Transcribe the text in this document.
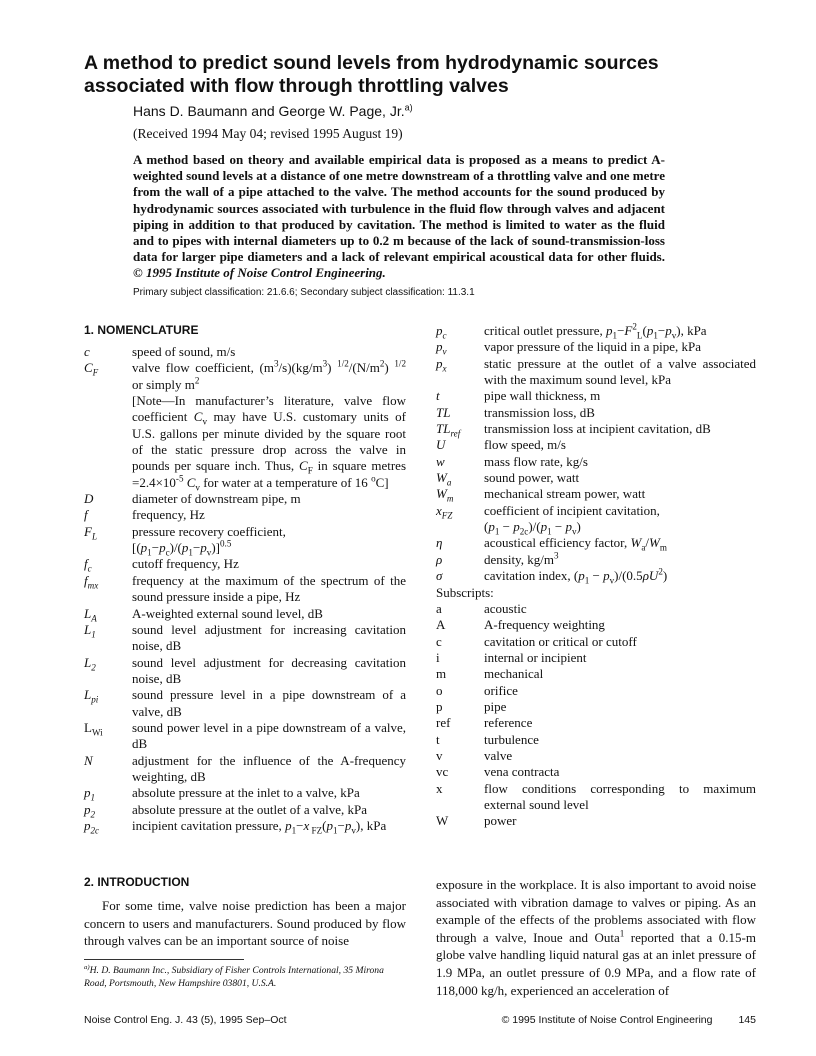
A method to predict sound levels from hydrodynamic sources associated with flow through throttling valves
Hans D. Baumann and George W. Page, Jr.$^{a)}$
(Received 1994 May 04; revised 1995 August 19)

A method based on theory and available empirical data is proposed as a means to predict A-weighted sound levels at a distance of one metre downstream of a throttling valve and one metre from the wall of a pipe attached to the valve. The method accounts for the sound produced by hydrodynamic sources associated with turbulence in the fluid flow through valves and adjacent piping in addition to that produced by cavitation. The method is limited to water as the fluid and to pipes with internal diameters up to 0.2 m because of the lack of sound-transmission-loss data for larger pipe diameters and a lack of relevant empirical acoustical data for other fluids. © 1995 Institute of Noise Control Engineering.

Primary subject classification: 21.6.6; Secondary subject classification: 11.3.1
1. NOMENCLATURE
c	speed of sound, m/s
$C_F$	valve flow coefficient, $(m^3/s)(kg/m^3)$ $^{1/2}/(N/m^2)$ $^{1/2}$ or simply $m^2$
[Note—In manufacturer’s literature, valve flow coefficient $C_v$ may have U.S. customary units of U.S. gallons per minute divided by the square root of the static pressure drop across the valve in pounds per square inch. Thus, $C_F$ in square metres $=2.4\times 10^{-5}$ $C_v$ for water at a temperature of 16 $^o$C]
D	diameter of downstream pipe, m
f	frequency, Hz
$F_L$	pressure recovery coefficient,
$[(p_1-p_c)/(p_1-p_v)]^{0.5}$
$f_c$	cutoff frequency, Hz
$f_{mx}$	frequency at the maximum of the spectrum of the sound pressure inside a pipe, Hz
$L_A$	A-weighted external sound level, dB
$L_1$	sound level adjustment for increasing cavitation noise, dB
$L_2$	sound level adjustment for decreasing cavitation noise, dB
$L_{pi}$	sound pressure level in a pipe downstream of a valve, dB
$L_{Wi}$	sound power level in a pipe downstream of a valve, dB
N	adjustment for the influence of the A-frequency weighting, dB
$p_1$	absolute pressure at the inlet to a valve, kPa
$p_2$	absolute pressure at the outlet of a valve, kPa
$p_{2c}$	incipient cavitation pressure, $p_1-x$ $_{FZ}(p_1-p_v)$, kPa
$p_c$	critical outlet pressure, $p_1-F^2_L(p_1-p_v)$, kPa
$p_v$	vapor pressure of the liquid in a pipe, kPa
$p_x$	static pressure at the outlet of a valve associated with the maximum sound level, kPa
t	pipe wall thickness, m
TL	transmission loss, dB
$TL_{ref}$	transmission loss at incipient cavitation, dB
U	flow speed, m/s
w	mass flow rate, kg/s
$W_a$	sound power, watt
$W_m$	mechanical stream power, watt
$x_{FZ}$	coefficient of incipient cavitation,
$(p_1 - p_{2c})/(p_1 - p_v)$
η	acoustical efficiency factor, $W_a/W_m$
ρ	density, $kg/m^3$
σ	cavitation index, $(p_1 - p_v)/(0.5\rho U^2)$
Subscripts:
a	acoustic
A	A-frequency weighting
c	cavitation or critical or cutoff
i	internal or incipient
m	mechanical
o	orifice
p	pipe
ref	reference
t	turbulence
v	valve
vc	vena contracta
x	flow conditions corresponding to maximum external sound level
W	power
2. INTRODUCTION

For some time, valve noise prediction has been a major concern to users and manufacturers. Sound produced by flow through valves can be an important source of noise

exposure in the workplace. It is also important to avoid noise associated with vibration damage to valves or piping. As an example of the effects of the problems associated with flow through a valve, Inoue and Outa$^1$ reported that a 0.15-m globe valve handling liquid natural gas at an inlet pressure of 1.9 MPa, an outlet pressure of 0.9 MPa, and a flow rate of 118,000 kg/h, experienced an acceleration of

$^{a)}$H. D. Baumann Inc., Subsidiary of Fisher Controls International, 35 Mirona Road, Portsmouth, New Hampshire 03801, U.S.A.

Noise Control Eng. J. 43 (5), 1995 Sep–Oct	© 1995 Institute of Noise Control Engineering 145
